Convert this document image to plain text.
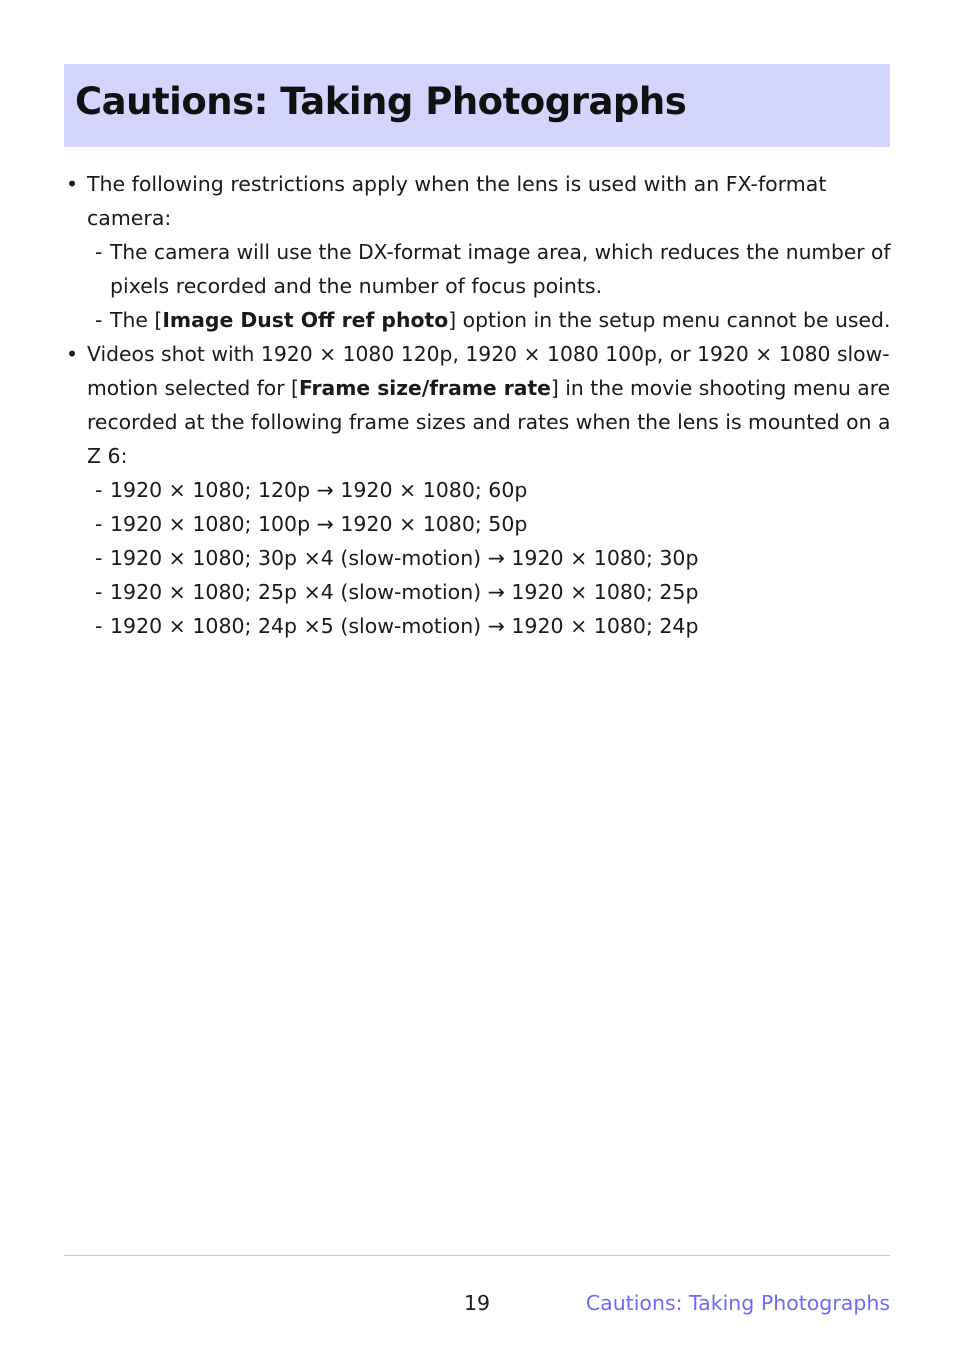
Cautions: Taking Photographs
• The following restrictions apply when the lens is used with an FX-format
camera:
- The camera will use the DX-format image area, which reduces the number of
pixels recorded and the number of focus points.
- The [Image Dust Off ref photo] option in the setup menu cannot be used.
• Videos shot with 1920 × 1080 120p, 1920 × 1080 100p, or 1920 × 1080 slow-
motion selected for [Frame size/frame rate] in the movie shooting menu are
recorded at the following frame sizes and rates when the lens is mounted on a
Z 6:
- 1920 × 1080; 120p → 1920 × 1080; 60p
- 1920 × 1080; 100p → 1920 × 1080; 50p
- 1920 × 1080; 30p ×4 (slow-motion) → 1920 × 1080; 30p
- 1920 × 1080; 25p ×4 (slow-motion) → 1920 × 1080; 25p
- 1920 × 1080; 24p ×5 (slow-motion) → 1920 × 1080; 24p
19	Cautions: Taking Photographs
